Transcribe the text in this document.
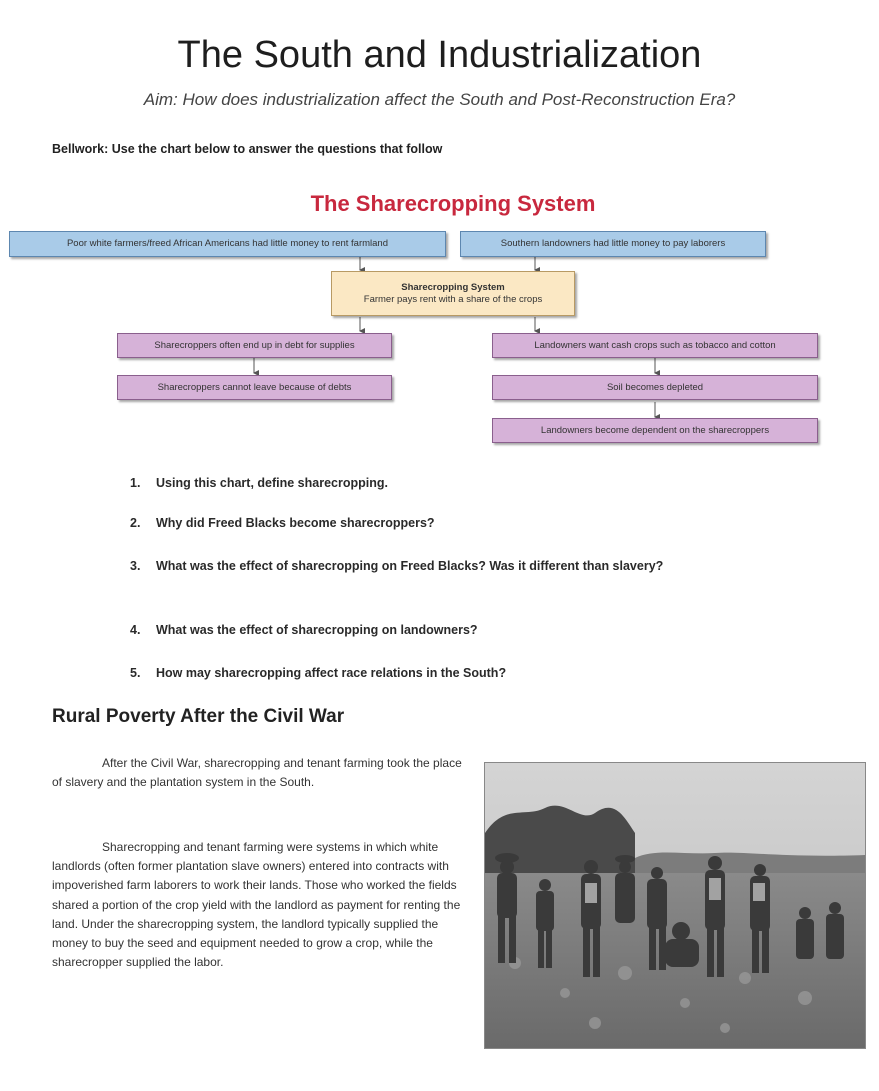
The South and Industrialization
Aim: How does industrialization affect the South and Post-Reconstruction Era?
Bellwork: Use the chart below to answer the questions that follow
The Sharecropping System
Poor white farmers/freed African Americans had little money to rent farmland	Southern landowners had little money to pay laborers
Sharecropping System
Farmer pays rent with a share of the crops
Sharecroppers often end up in debt for supplies
Sharecroppers cannot leave because of debts
Landowners want cash crops such as tobacco and cotton
Soil becomes depleted
Landowners become dependent on the sharecroppers
1.	Using this chart, define sharecropping.
2.	Why did Freed Blacks become sharecroppers?
3.	What was the effect of sharecropping on Freed Blacks? Was it different than slavery?
4.	What was the effect of sharecropping on landowners?
5.	How may sharecropping affect race relations in the South?
Rural Poverty After the Civil War
After the Civil War, sharecropping and tenant farming took the place of slavery and the plantation system in the South.
Sharecropping and tenant farming were systems in which white landlords (often former plantation slave owners) entered into contracts with impoverished farm laborers to work their lands. Those who worked the fields shared a portion of the crop yield with the landlord as payment for renting the land. Under the sharecropping system, the landlord typically supplied the money to buy the seed and equipment needed to grow a crop, while the sharecropper supplied the labor.
